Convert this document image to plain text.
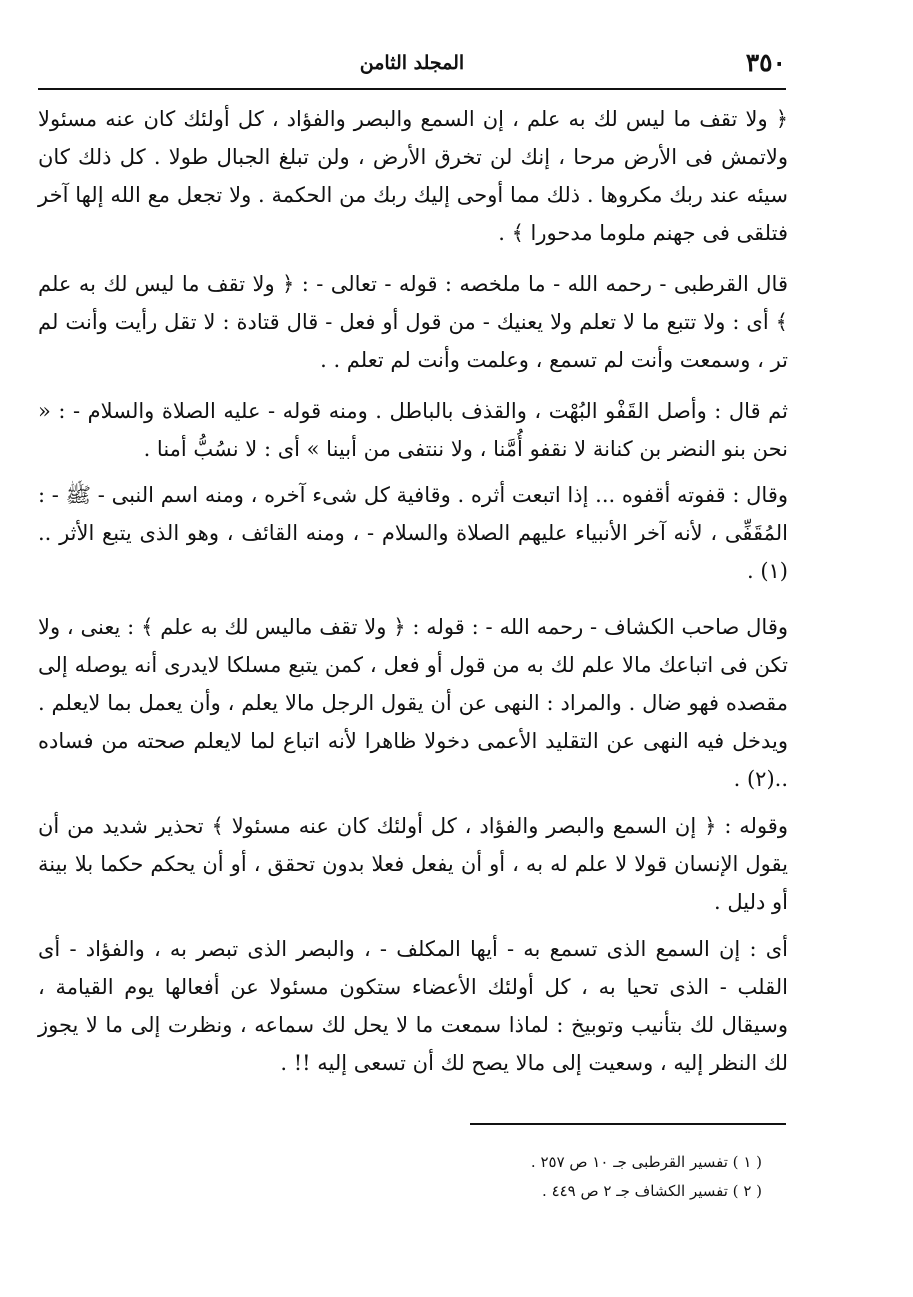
٣٥٠
المجلد الثامن

﴿ ولا تقف ما ليس لك به علم ، إن السمع والبصر والفؤاد ، كل أولئك كان عنه مسئولا ولاتمش فى الأرض مرحا ، إنك لن تخرق الأرض ، ولن تبلغ الجبال طولا . كل ذلك كان سيئه عند ربك مكروها . ذلك مما أوحى إليك ربك من الحكمة . ولا تجعل مع الله إلها آخر فتلقى فى جهنم ملوما مدحورا ﴾ .

قال القرطبى - رحمه الله - ما ملخصه : قوله - تعالى - : ﴿ ولا تقف ما ليس لك به علم ﴾ أى : ولا تتبع ما لا تعلم ولا يعنيك - من قول أو فعل - قال قتادة : لا تقل رأيت وأنت لم تر ، وسمعت وأنت لم تسمع ، وعلمت وأنت لم تعلم . .

ثم قال : وأصل القَفْو البُهْت ، والقذف بالباطل . ومنه قوله - عليه الصلاة والسلام - : « نحن بنو النضر بن كنانة لا نقفو أُمَّنا ، ولا ننتفى من أبينا » أى : لا نسُبُّ أمنا .

وقال : قفوته أقفوه ... إذا اتبعت أثره . وقافية كل شىء آخره ، ومنه اسم النبى - ﷺ - : المُقَفِّى ، لأنه آخر الأنبياء عليهم الصلاة والسلام - ، ومنه القائف ، وهو الذى يتبع الأثر ..(١) .

وقال صاحب الكشاف - رحمه الله - : قوله : ﴿ ولا تقف ماليس لك به علم ﴾ : يعنى ، ولا تكن فى اتباعك مالا علم لك به من قول أو فعل ، كمن يتبع مسلكا لايدرى أنه يوصله إلى مقصده فهو ضال . والمراد : النهى عن أن يقول الرجل مالا يعلم ، وأن يعمل بما لايعلم . ويدخل فيه النهى عن التقليد الأعمى دخولا ظاهرا لأنه اتباع لما لايعلم صحته من فساده ..(٢) .

وقوله : ﴿ إن السمع والبصر والفؤاد ، كل أولئك كان عنه مسئولا ﴾ تحذير شديد من أن يقول الإنسان قولا لا علم له به ، أو أن يفعل فعلا بدون تحقق ، أو أن يحكم حكما بلا بينة أو دليل .

أى : إن السمع الذى تسمع به - أيها المكلف - ، والبصر الذى تبصر به ، والفؤاد - أى القلب - الذى تحيا به ، كل أولئك الأعضاء ستكون مسئولا عن أفعالها يوم القيامة ، وسيقال لك بتأنيب وتوبيخ : لماذا سمعت ما لا يحل لك سماعه ، ونظرت إلى ما لا يجوز لك النظر إليه ، وسعيت إلى مالا يصح لك أن تسعى إليه !! .

( ١ ) تفسير القرطبى جـ ١٠ ص ٢٥٧ .
( ٢ ) تفسير الكشاف جـ ٢ ص ٤٤٩ .
